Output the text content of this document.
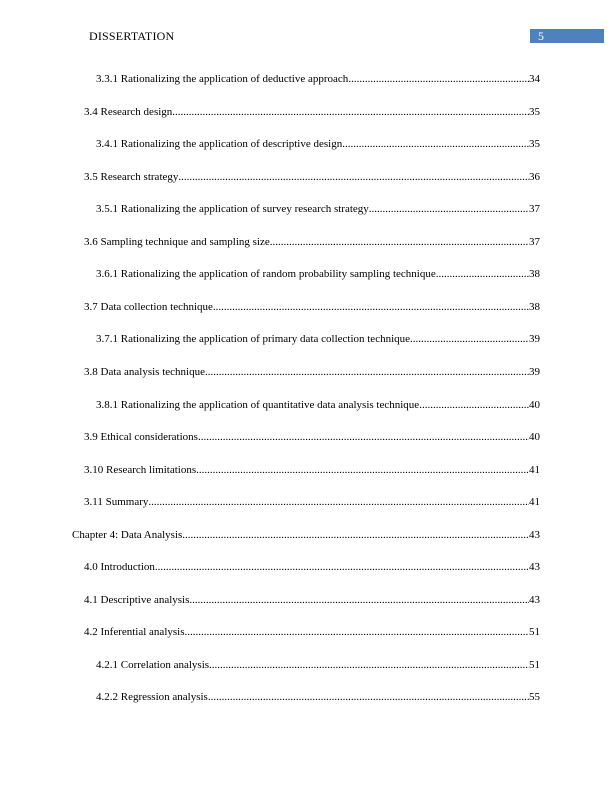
DISSERTATION	5
3.3.1 Rationalizing the application of deductive approach .....	34
3.4 Research design .....	35
3.4.1 Rationalizing the application of descriptive design .....	35
3.5 Research strategy .....	36
3.5.1 Rationalizing the application of survey research strategy .....	37
3.6 Sampling technique and sampling size .....	37
3.6.1 Rationalizing the application of random probability sampling technique .....	38
3.7 Data collection technique .....	38
3.7.1 Rationalizing the application of primary data collection technique .....	39
3.8 Data analysis technique .....	39
3.8.1 Rationalizing the application of quantitative data analysis technique .....	40
3.9 Ethical considerations .....	40
3.10 Research limitations .....	41
3.11 Summary .....	41
Chapter 4: Data Analysis .....	43
4.0 Introduction .....	43
4.1 Descriptive analysis .....	43
4.2 Inferential analysis .....	51
4.2.1 Correlation analysis .....	51
4.2.2 Regression analysis .....	55
